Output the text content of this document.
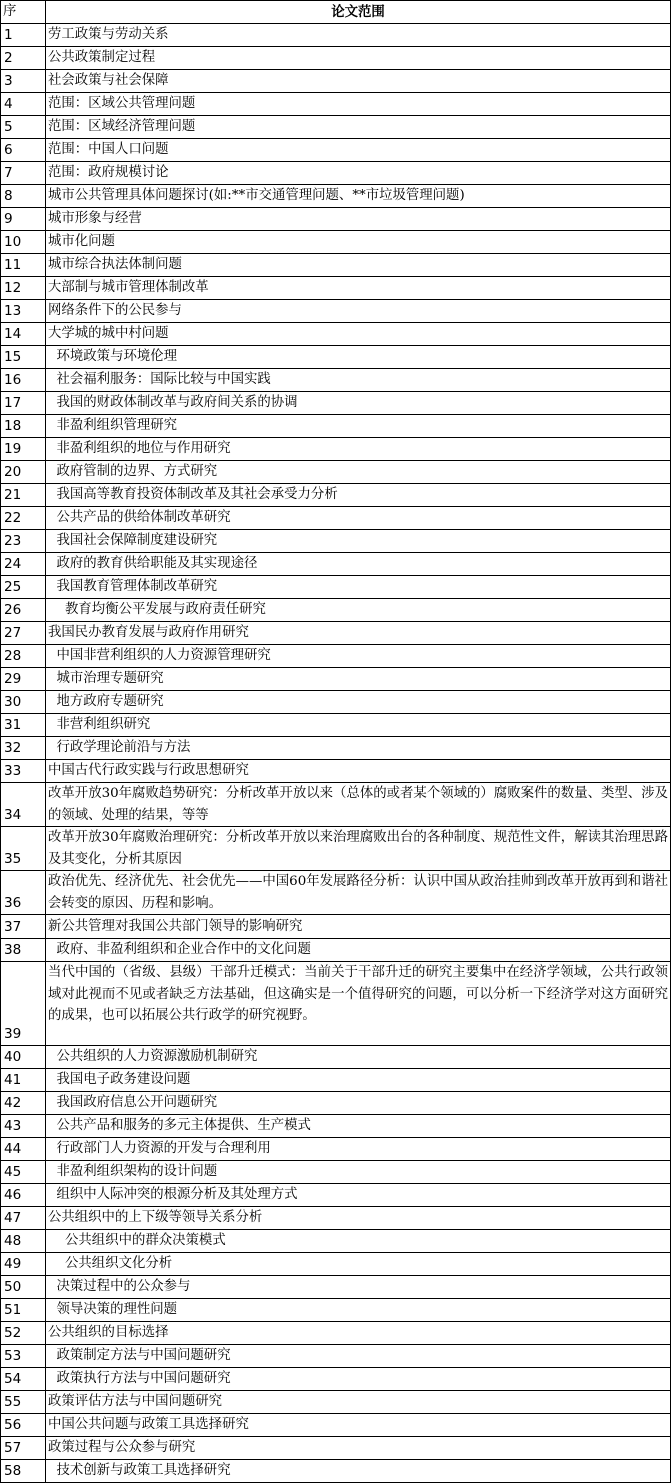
序	论文范围
1	劳工政策与劳动关系
2	公共政策制定过程
3	社会政策与社会保障
4	范围：区域公共管理问题
5	范围：区域经济管理问题
6	范围：中国人口问题
7	范围：政府规模讨论
8	城市公共管理具体问题探讨(如:**市交通管理问题、**市垃圾管理问题)
9	城市形象与经营
10	城市化问题
11	城市综合执法体制问题
12	大部制与城市管理体制改革
13	网络条件下的公民参与
14	大学城的城中村问题
15	环境政策与环境伦理
16	社会福利服务：国际比较与中国实践
17	我国的财政体制改革与政府间关系的协调
18	非盈利组织管理研究
19	非盈利组织的地位与作用研究
20	政府管制的边界、方式研究
21	我国高等教育投资体制改革及其社会承受力分析
22	公共产品的供给体制改革研究
23	我国社会保障制度建设研究
24	政府的教育供给职能及其实现途径
25	我国教育管理体制改革研究
26	教育均衡公平发展与政府责任研究
27	我国民办教育发展与政府作用研究
28	中国非营利组织的人力资源管理研究
29	城市治理专题研究
30	地方政府专题研究
31	非营利组织研究
32	行政学理论前沿与方法
33	中国古代行政实践与行政思想研究
34	改革开放30年腐败趋势研究：分析改革开放以来（总体的或者某个领域的）腐败案件的数量、类型、涉及的领域、处理的结果，等等
35	改革开放30年腐败治理研究：分析改革开放以来治理腐败出台的各种制度、规范性文件，解读其治理思路及其变化，分析其原因
36	政治优先、经济优先、社会优先——中国60年发展路径分析：认识中国从政治挂帅到改革开放再到和谐社会转变的原因、历程和影响。
37	新公共管理对我国公共部门领导的影响研究
38	政府、非盈利组织和企业合作中的文化问题
39	当代中国的（省级、县级）干部升迁模式：当前关于干部升迁的研究主要集中在经济学领域，公共行政领域对此视而不见或者缺乏方法基础，但这确实是一个值得研究的问题，可以分析一下经济学对这方面研究的成果，也可以拓展公共行政学的研究视野。
40	公共组织的人力资源激励机制研究
41	我国电子政务建设问题
42	我国政府信息公开问题研究
43	公共产品和服务的多元主体提供、生产模式
44	行政部门人力资源的开发与合理利用
45	非盈利组织架构的设计问题
46	组织中人际冲突的根源分析及其处理方式
47	公共组织中的上下级等领导关系分析
48	公共组织中的群众决策模式
49	公共组织文化分析
50	决策过程中的公众参与
51	领导决策的理性问题
52	公共组织的目标选择
53	政策制定方法与中国问题研究
54	政策执行方法与中国问题研究
55	政策评估方法与中国问题研究
56	中国公共问题与政策工具选择研究
57	政策过程与公众参与研究
58	技术创新与政策工具选择研究
